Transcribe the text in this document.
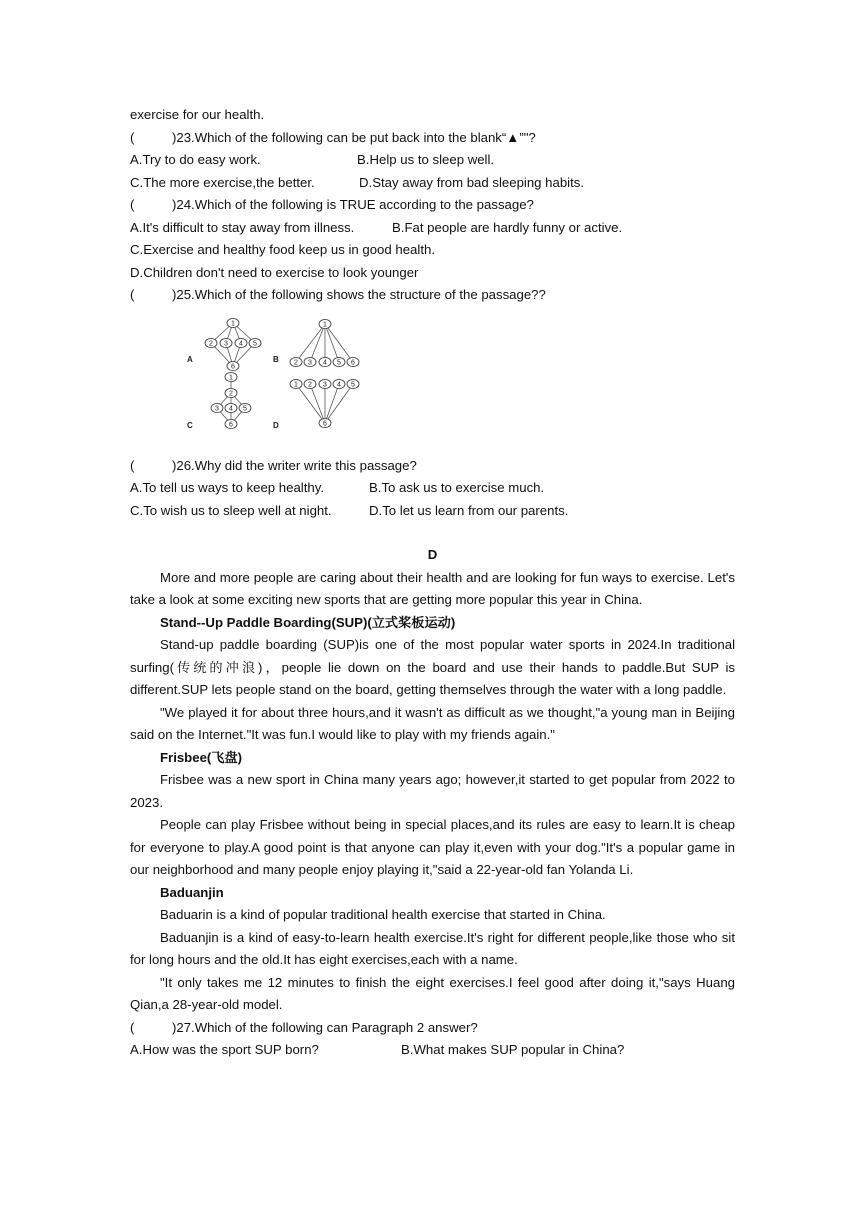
exercise for our health.
(	)23.Which of the following can be put back into the blank“▲”"?
A.Try to do easy work.	B.Help us to sleep well.
C.The more exercise,the better.	D.Stay away from bad sleeping habits.
(	)24.Which of the following is TRUE according to the passage?
A.It's difficult to stay away from illness.	B.Fat people are hardly funny or active.
C.Exercise and healthy food keep us in good health.
D.Children don't need to exercise to look younger
(	)25.Which of the following shows the structure of the passage??
1
2 3 4 5
6
1
2 3 4 5 6
1
2
3 4 5
6
1 2 3 4 5
6
A	B
C	D
(	)26.Why did the writer write this passage?
A.To tell us ways to keep healthy.	B.To ask us to exercise much.
C.To wish us to sleep well at night.	D.To let us learn from our parents.
D

More and more people are caring about their health and are looking for fun ways to exercise. Let's take a look at some exciting new sports that are getting more popular this year in China.

Stand--Up Paddle Boarding(SUP)(立式桨板运动)

Stand-up paddle boarding (SUP)is one of the most popular water sports in 2024.In traditional surfing(传统的冲浪)，people lie down on the board and use their hands to paddle.But SUP is different.SUP lets people stand on the board, getting themselves through the water with a long paddle.

"We played it for about three hours,and it wasn't as difficult as we thought,"a young man in Beijing said on the Internet."It was fun.I would like to play with my friends again."

Frisbee(飞盘)

Frisbee was a new sport in China many years ago; however,it started to get popular from 2022 to 2023.

People can play Frisbee without being in special places,and its rules are easy to learn.It is cheap for everyone to play.A good point is that anyone can play it,even with your dog."It's a popular game in our neighborhood and many people enjoy playing it,"said a 22-year-old fan Yolanda Li.

Baduanjin

Baduarin is a kind of popular traditional health exercise that started in China.

Baduanjin is a kind of easy-to-learn health exercise.It's right for different people,like those who sit for long hours and the old.It has eight exercises,each with a name.

"It only takes me 12 minutes to finish the eight exercises.I feel good after doing it,"says Huang Qian,a 28-year-old model.

(	)27.Which of the following can Paragraph 2 answer?
A.How was the sport SUP born?	B.What makes SUP popular in China?
